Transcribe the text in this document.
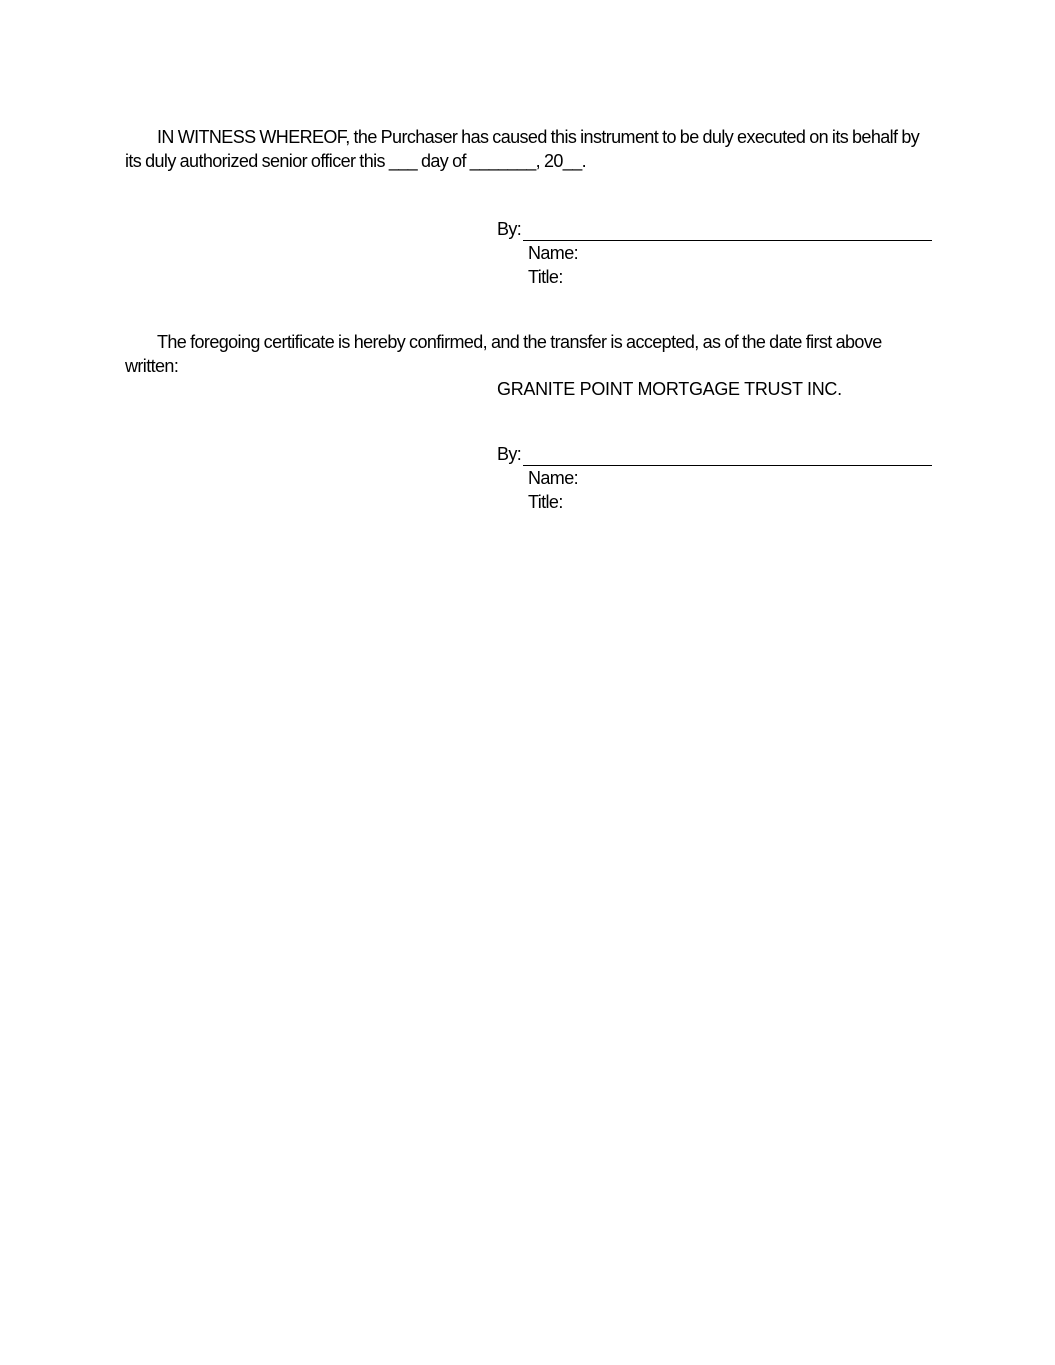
IN WITNESS WHEREOF, the Purchaser has caused this instrument to be duly executed on its behalf by its duly authorized senior officer this ___ day of _______, 20__.

By:
Name:
Title:

The foregoing certificate is hereby confirmed, and the transfer is accepted, as of the date first above written:

GRANITE POINT MORTGAGE TRUST INC.
By:
Name:
Title:
